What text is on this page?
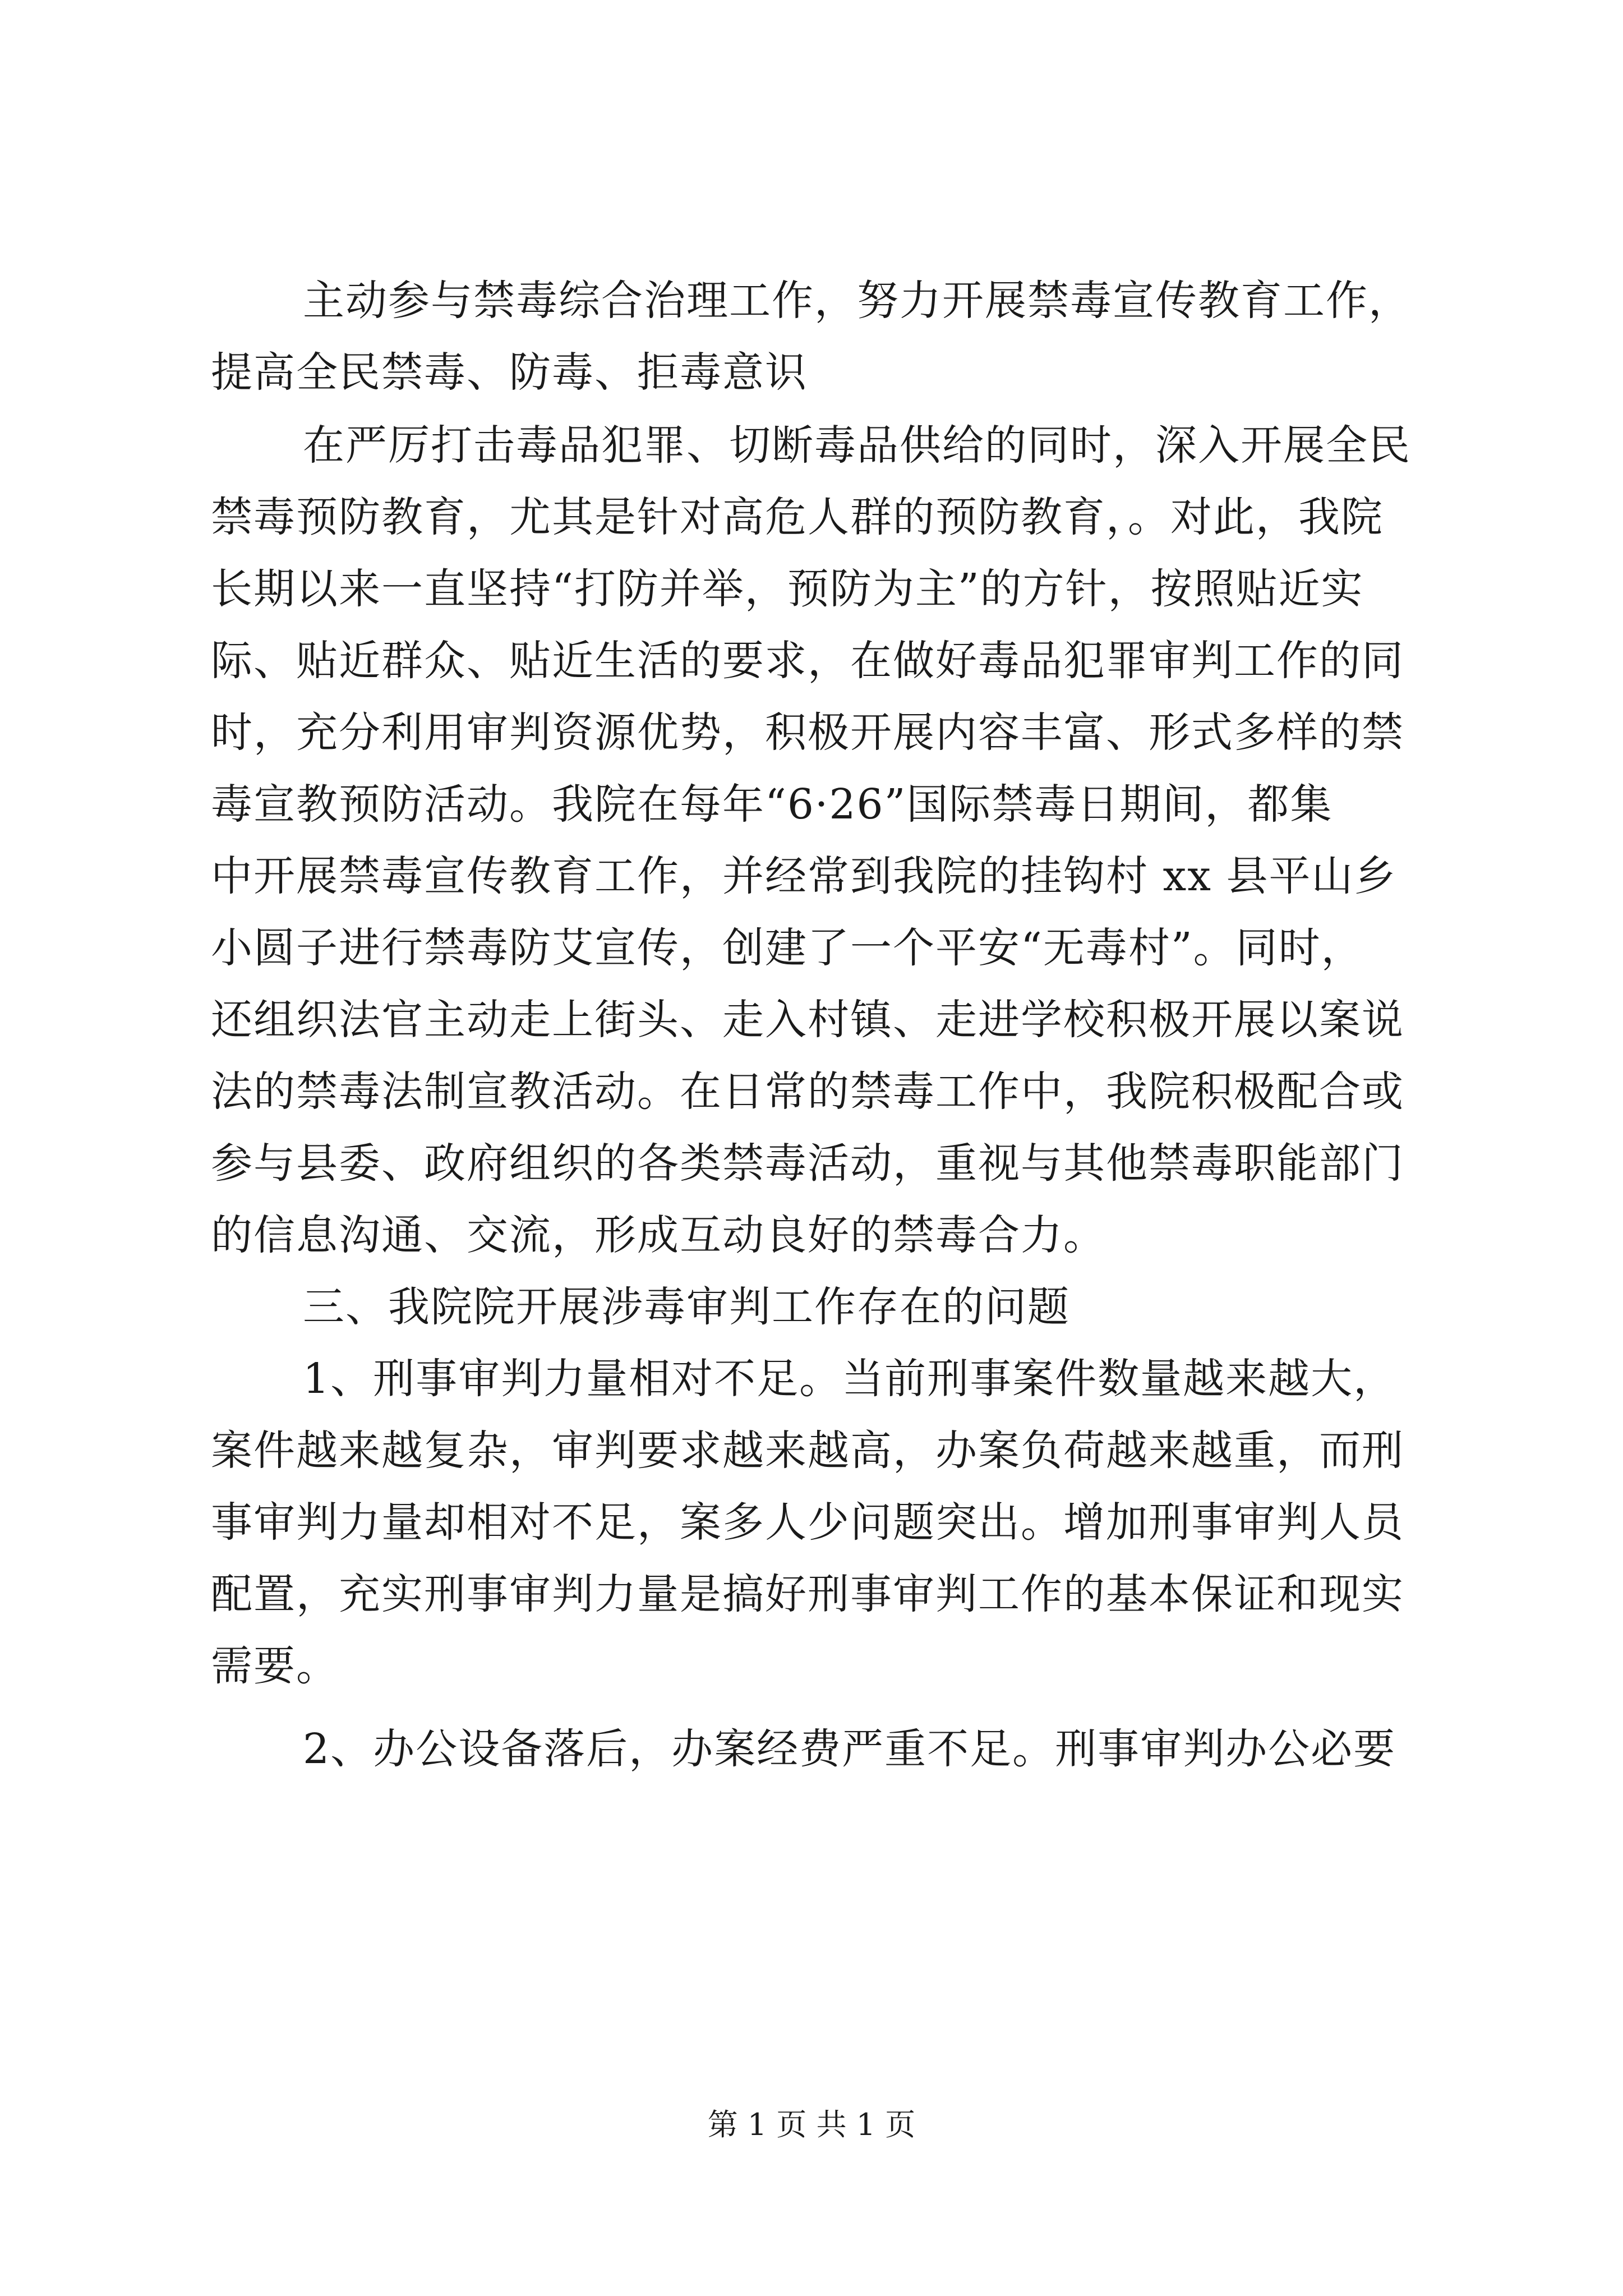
主动参与禁毒综合治理工作，努力开展禁毒宣传教育工作，
提高全民禁毒、防毒、拒毒意识
在严厉打击毒品犯罪、切断毒品供给的同时，深入开展全民
禁毒预防教育，尤其是针对高危人群的预防教育，。对此，我院
长期以来一直坚持“打防并举，预防为主”的方针，按照贴近实
际、贴近群众、贴近生活的要求，在做好毒品犯罪审判工作的同
时，充分利用审判资源优势，积极开展内容丰富、形式多样的禁
毒宣教预防活动。我院在每年“6·26”国际禁毒日期间，都集
中开展禁毒宣传教育工作，并经常到我院的挂钩村 xx 县平山乡
小圆子进行禁毒防艾宣传，创建了一个平安“无毒村”。同时，
还组织法官主动走上街头、走入村镇、走进学校积极开展以案说
法的禁毒法制宣教活动。在日常的禁毒工作中，我院积极配合或
参与县委、政府组织的各类禁毒活动，重视与其他禁毒职能部门
的信息沟通、交流，形成互动良好的禁毒合力。
三、我院院开展涉毒审判工作存在的问题
1、刑事审判力量相对不足。当前刑事案件数量越来越大，
案件越来越复杂，审判要求越来越高，办案负荷越来越重，而刑
事审判力量却相对不足，案多人少问题突出。增加刑事审判人员
配置，充实刑事审判力量是搞好刑事审判工作的基本保证和现实
需要。
2、办公设备落后，办案经费严重不足。刑事审判办公必要
第 1 页 共 1 页
